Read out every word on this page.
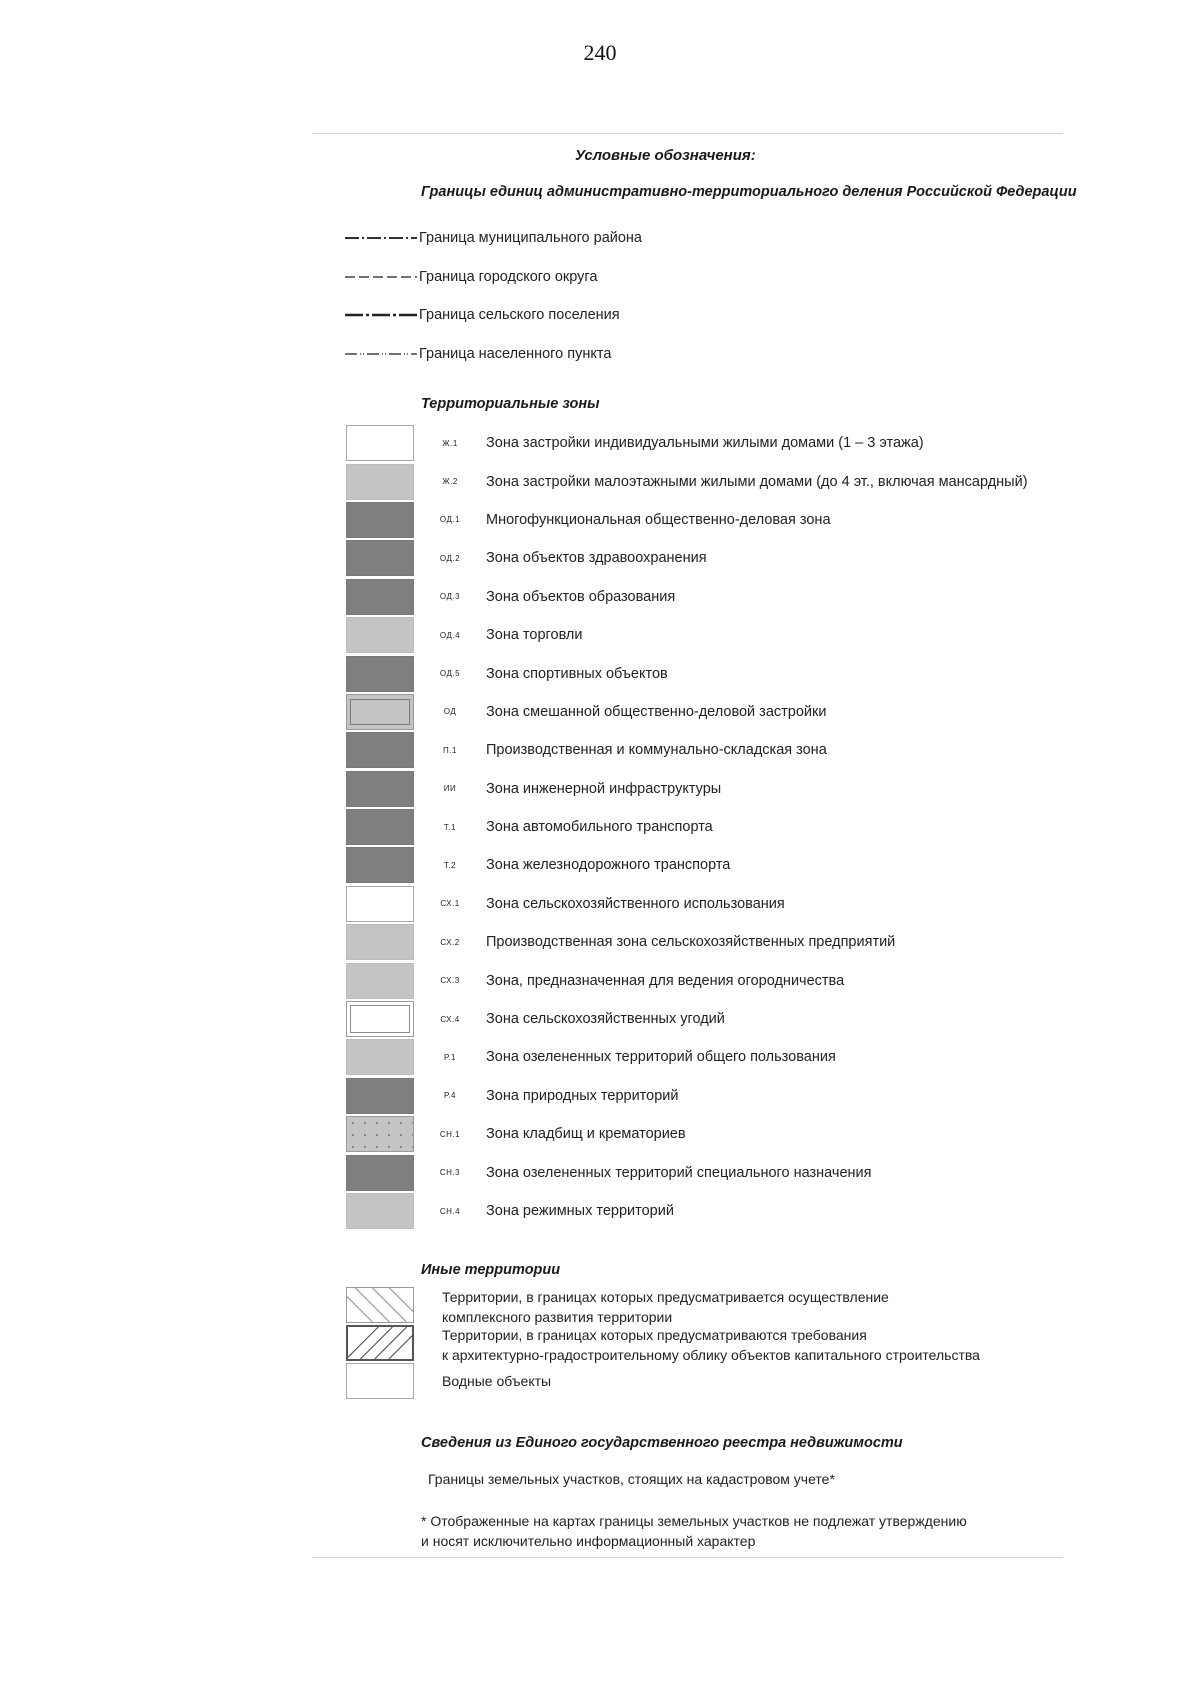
240
Условные обозначения:
Границы единиц административно-территориального деления Российской Федерации
Граница муниципального района
Граница городского округа
Граница сельского поселения
Граница населенного пункта
Территориальные зоны
Ж.1	Зона застройки индивидуальными жилыми домами (1 – 3 этажа)
Ж.2	Зона застройки малоэтажными жилыми домами (до 4 эт., включая мансардный)
ОД.1	Многофункциональная общественно-деловая зона
ОД.2	Зона объектов здравоохранения
ОД.3	Зона объектов образования
ОД.4	Зона торговли
ОД.5	Зона спортивных объектов
ОД	Зона смешанной общественно-деловой застройки
П.1	Производственная и коммунально-складская зона
ИИ	Зона инженерной инфраструктуры
Т.1	Зона автомобильного транспорта
Т.2	Зона железнодорожного транспорта
СХ.1	Зона сельскохозяйственного использования
СХ.2	Производственная зона сельскохозяйственных предприятий
СХ.3	Зона, предназначенная для ведения огородничества
СХ.4	Зона сельскохозяйственных угодий
Р.1	Зона озелененных территорий общего пользования
Р.4	Зона природных территорий
СН.1	Зона кладбищ и крематориев
СН.3	Зона озелененных территорий специального назначения
СН.4	Зона режимных территорий
Иные территории
Территории, в границах которых предусматривается осуществление
комплексного развития территории
Территории, в границах которых предусматриваются требования
к архитектурно-градостроительному облику объектов капитального строительства
Водные объекты
Сведения из Единого государственного реестра недвижимости
Границы земельных участков, стоящих на кадастровом учете*
* Отображенные на картах границы земельных участков не подлежат утверждению
и носят исключительно информационный характер
